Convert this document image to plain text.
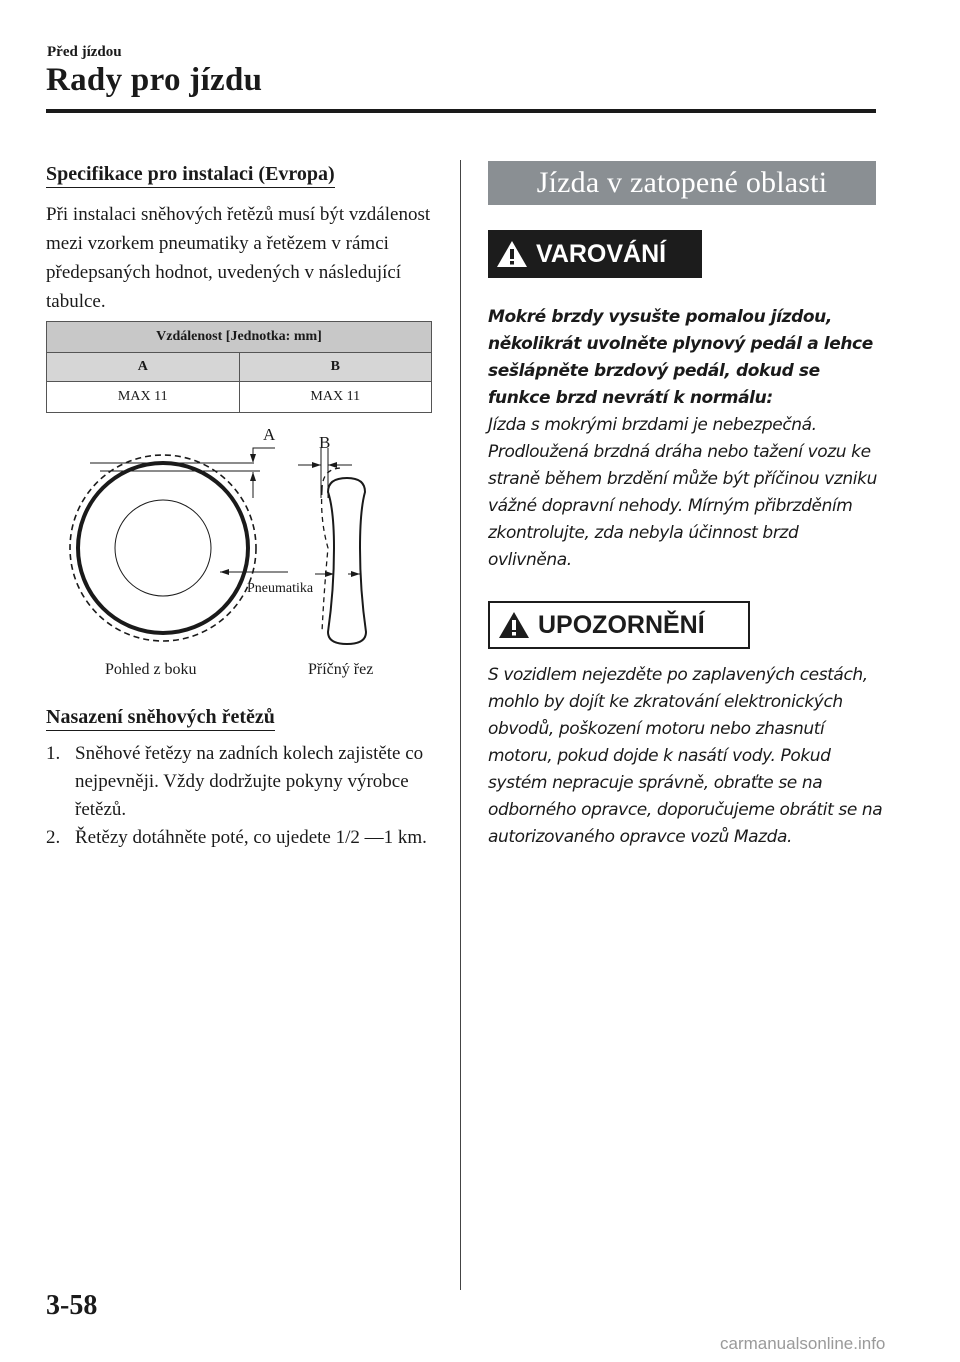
Před jízdou
Rady pro jízdu
Specifikace pro instalaci (Evropa)
Při instalaci sněhových řetězů musí být vzdálenost mezi vzorkem pneumatiky a řetězem v rámci předepsaných hodnot, uvedených v následující tabulce.
Vzdálenost [Jednotka: mm]	
A	B
MAX 11	MAX 11
A	B
Pneumatika
Pohled z boku	Příčný řez
Nasazení sněhových řetězů
1. Sněhové řetězy na zadních kolech zajistěte co nejpevněji. Vždy dodržujte pokyny výrobce řetězů.
2. Řetězy dotáhněte poté, co ujedete 1/2 ―1 km.
Jízda v zatopené oblasti
VAROVÁNÍ
Mokré brzdy vysušte pomalou jízdou, několikrát uvolněte plynový pedál a lehce sešlápněte brzdový pedál, dokud se funkce brzd nevrátí k normálu:
Jízda s mokrými brzdami je nebezpečná. Prodloužená brzdná dráha nebo tažení vozu ke straně během brzdění může být příčinou vzniku vážné dopravní nehody. Mírným přibrzděním zkontrolujte, zda nebyla účinnost brzd ovlivněna.
UPOZORNĚNÍ
S vozidlem nejezděte po zaplavených cestách, mohlo by dojít ke zkratování elektronických obvodů, poškození motoru nebo zhasnutí motoru, pokud dojde k nasátí vody. Pokud systém nepracuje správně, obraťte se na odborného opravce, doporučujeme obrátit se na autorizovaného opravce vozů Mazda.
3-58
carmanualsonline.info
